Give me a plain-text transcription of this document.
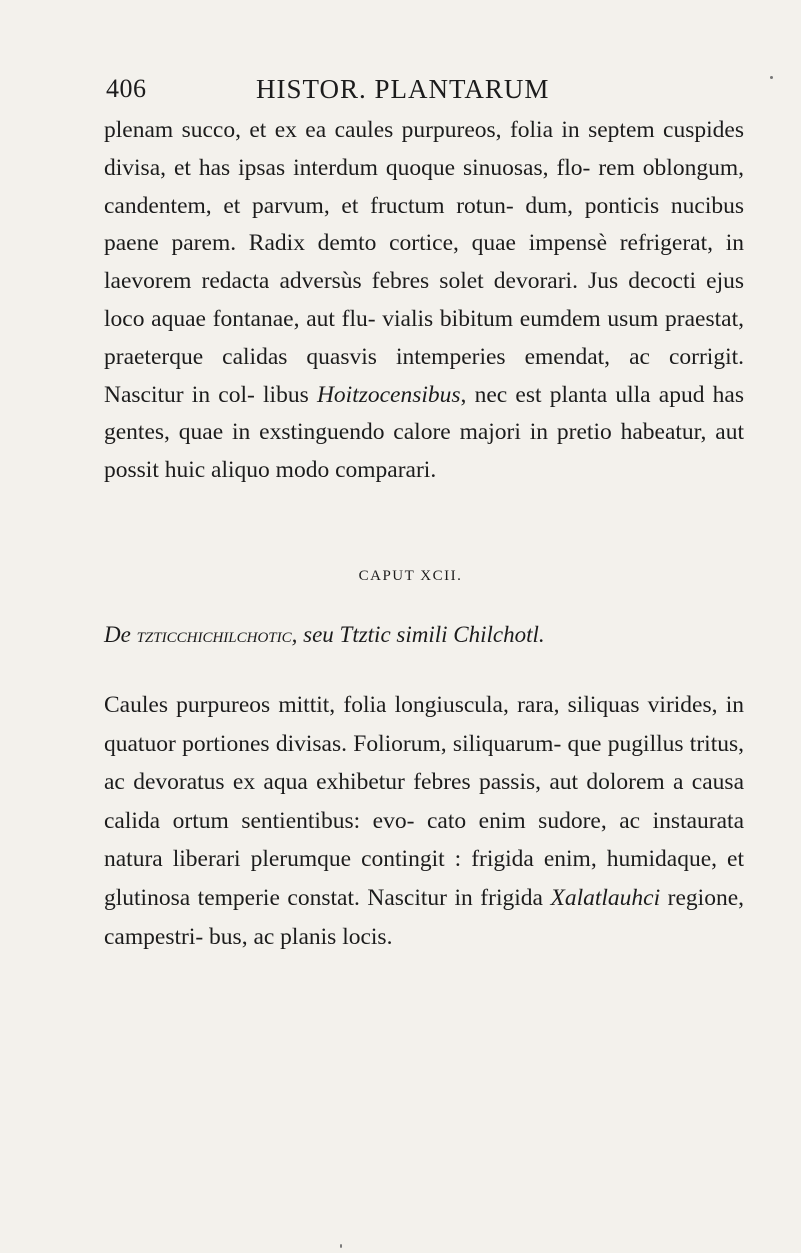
406	HISTOR. PLANTARUM

plenam succo, et ex ea caules purpureos, folia in septem cuspides divisa, et has ipsas interdum quoque sinuosas, flo- rem oblongum, candentem, et parvum, et fructum rotun- dum, ponticis nucibus paene parem. Radix demto cortice, quae impensè refrigerat, in laevorem redacta adversùs febres solet devorari. Jus decocti ejus loco aquae fontanae, aut flu- vialis bibitum eumdem usum praestat, praeterque calidas quasvis intemperies emendat, ac corrigit. Nascitur in col- libus Hoitzocensibus, nec est planta ulla apud has gentes, quae in exstinguendo calore majori in pretio habeatur, aut possit huic aliquo modo comparari.

CAPUT XCII.
De tzticchichilchotic, seu Ttztic simili Chilchotl.

Caules purpureos mittit, folia longiuscula, rara, siliquas virides, in quatuor portiones divisas. Foliorum, siliquarum- que pugillus tritus, ac devoratus ex aqua exhibetur febres passis, aut dolorem a causa calida ortum sentientibus: evo- cato enim sudore, ac instaurata natura liberari plerumque contingit : frigida enim, humidaque, et glutinosa temperie constat. Nascitur in frigida Xalatlauhci regione, campestri- bus, ac planis locis.
